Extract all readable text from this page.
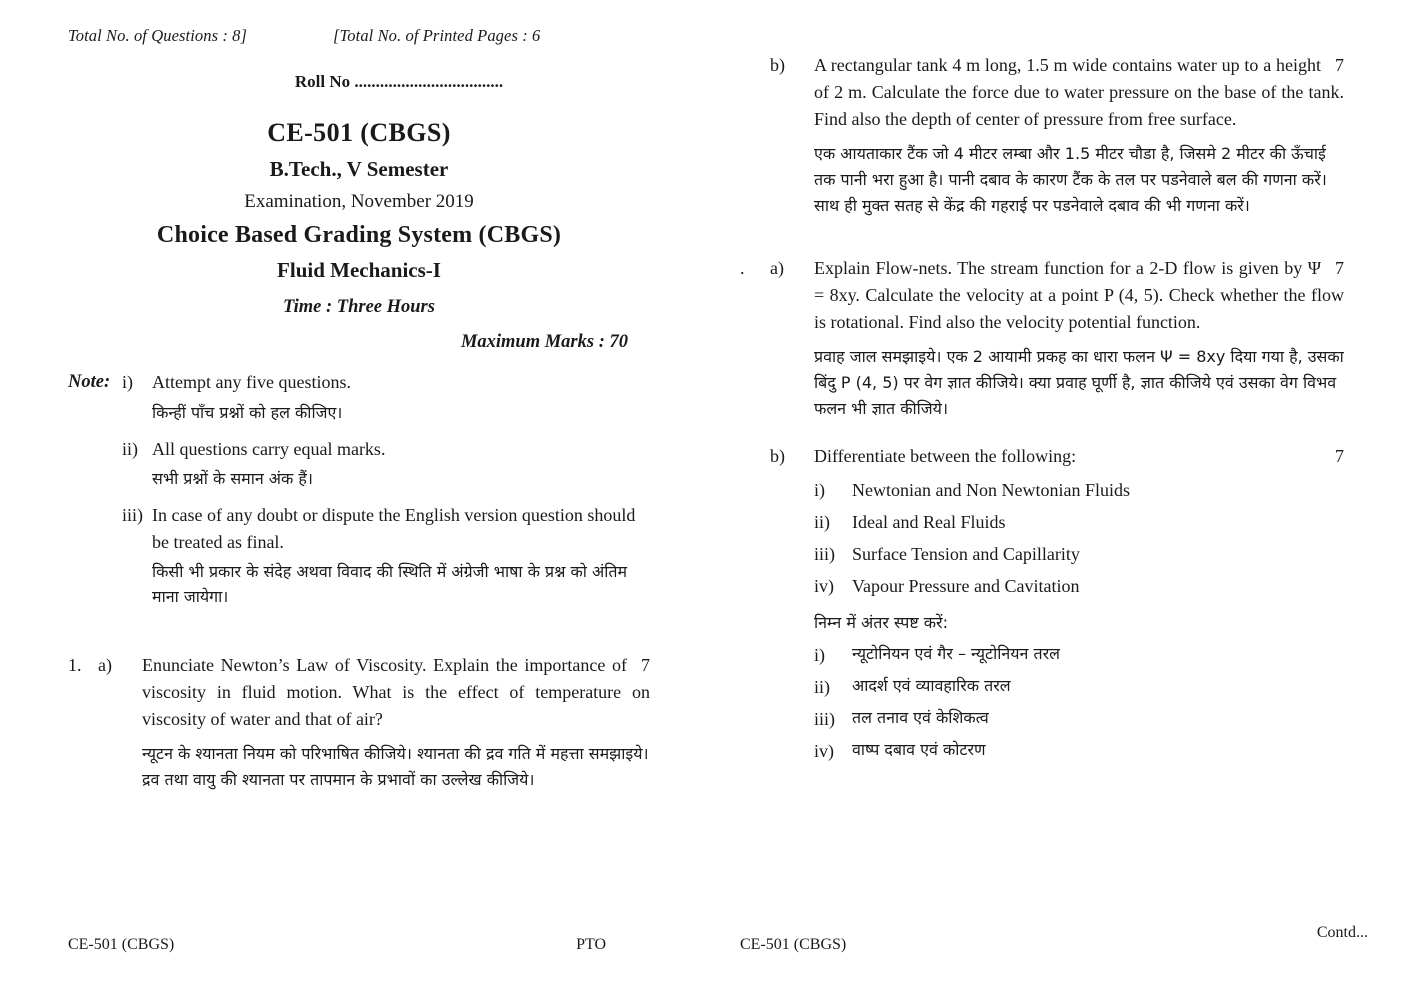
Total No. of Questions : 8]	[Total No. of Printed Pages : 6
Roll No ...................................
CE-501 (CBGS)
B.Tech., V Semester
Examination, November 2019
Choice Based Grading System (CBGS)
Fluid Mechanics-I
Time : Three Hours
Maximum Marks : 70
Note: i)	Attempt any five questions.
किन्हीं पाँच प्रश्नों को हल कीजिए।
ii) All questions carry equal marks.
सभी प्रश्नों के समान अंक हैं।
iii) In case of any doubt or dispute the English version question should be treated as final.
किसी भी प्रकार के संदेह अथवा विवाद की स्थिति में अंग्रेजी भाषा के प्रश्न को अंतिम माना जायेगा।
1. a)	7
Enunciate Newton’s Law of Viscosity. Explain the importance of viscosity in fluid motion. What is the effect of temperature on viscosity of water and that of air?
न्यूटन के श्यानता नियम को परिभाषित कीजिये। श्यानता की द्रव गति में महत्ता समझाइये। द्रव तथा वायु की श्यानता पर तापमान के प्रभावों का उल्लेख कीजिये।
CE-501 (CBGS)	PTO
b)	7
A rectangular tank 4 m long, 1.5 m wide contains water up to a height of 2 m. Calculate the force due to water pressure on the base of the tank. Find also the depth of center of pressure from free surface.
एक आयताकार टैंक जो 4 मीटर लम्बा और 1.5 मीटर चौडा है, जिसमे 2 मीटर की ऊँचाई तक पानी भरा हुआ है। पानी दबाव के कारण टैंक के तल पर पडनेवाले बल की गणना करें। साथ ही मुक्त सतह से केंद्र की गहराई पर पडनेवाले दबाव की भी गणना करें।
.	a)	7
Explain Flow-nets. The stream function for a 2-D flow is given by Ψ = 8xy. Calculate the velocity at a point P (4, 5). Check whether the flow is rotational. Find also the velocity potential function.
प्रवाह जाल समझाइये। एक 2 आयामी प्रकह का धारा फलन Ψ = 8xy दिया गया है, उसका बिंदु P (4, 5) पर वेग ज्ञात कीजिये। क्या प्रवाह घूर्णी है, ज्ञात कीजिये एवं उसका वेग विभव फलन भी ज्ञात कीजिये।
b)	Differentiate between the following:	7
i)	Newtonian and Non Newtonian Fluids
ii)	Ideal and Real Fluids
iii) Surface Tension and Capillarity
iv)	Vapour Pressure and Cavitation
निम्न में अंतर स्पष्ट करें:
i)	न्यूटोनियन एवं गैर – न्यूटोनियन तरल
ii)	आदर्श एवं व्यावहारिक तरल
iii)	तल तनाव एवं केशिकत्व
iv)	वाष्प दबाव एवं कोटरण
CE-501 (CBGS)
Contd...
